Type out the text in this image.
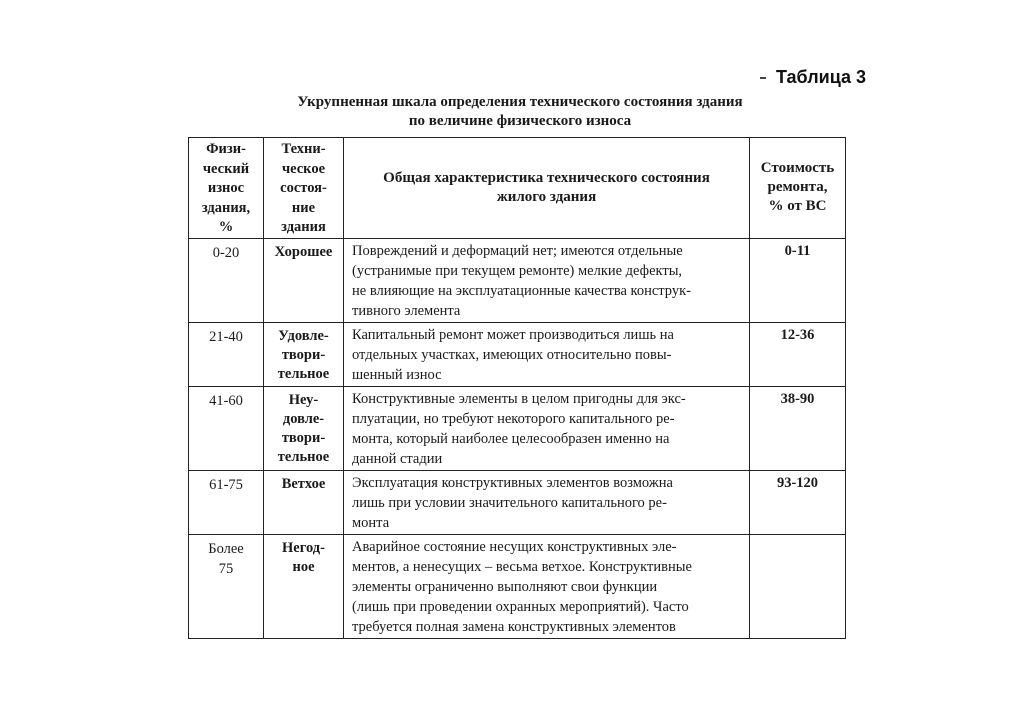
Таблица 3
Укрупненная шкала определения технического состояния здания
по величине физического износа
Физи-
ческий
износ
здания,
%	Техни-
ческое
состоя-
ние
здания	Общая характеристика технического состояния
жилого здания	Стоимость
ремонта,
% от ВС

0-20	Хорошее	Повреждений и деформаций нет; имеются отдельные
(устранимые при текущем ремонте) мелкие дефекты,
не влияющие на эксплуатационные качества конструк-
тивного элемента	0-11

21-40	Удовле-
твори-
тельное	Капитальный ремонт может производиться лишь на
отдельных участках, имеющих относительно повы-
шенный износ	12-36

41-60	Неу-
довле-
твори-
тельное	Конструктивные элементы в целом пригодны для экс-
плуатации, но требуют некоторого капитального ре-
монта, который наиболее целесообразен именно на
данной стадии	38-90

61-75	Ветхое	Эксплуатация конструктивных элементов возможна
лишь при условии значительного капитального ре-
монта	93-120

Более
75	Негод-
ное	Аварийное состояние несущих конструктивных эле-
ментов, а ненесущих – весьма ветхое. Конструктивные
элементы ограниченно выполняют свои функции
(лишь при проведении охранных мероприятий). Часто
требуется полная замена конструктивных элементов	
